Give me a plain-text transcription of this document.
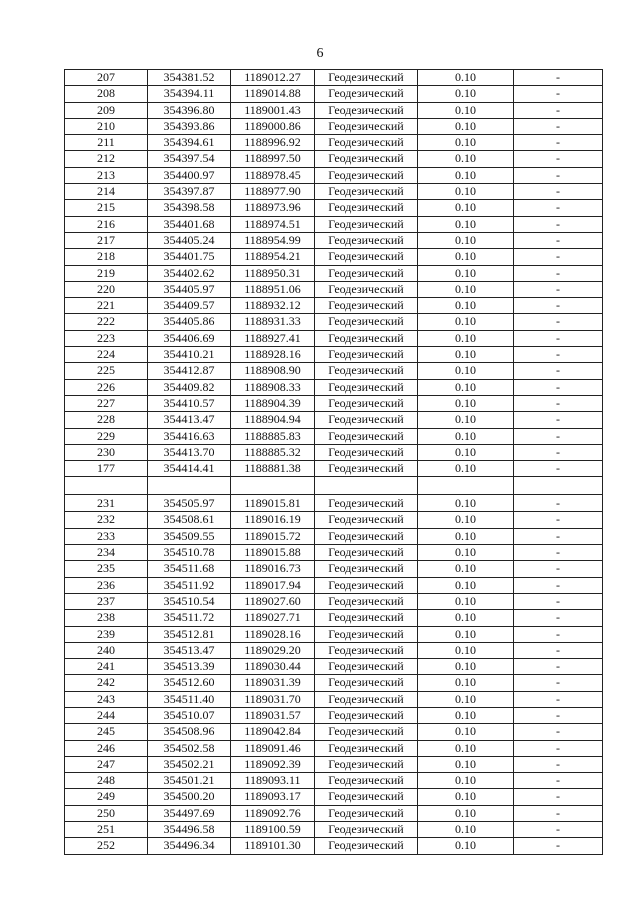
6
207	354381.52	1189012.27	Геодезический	0.10	-
208	354394.11	1189014.88	Геодезический	0.10	-
209	354396.80	1189001.43	Геодезический	0.10	-
210	354393.86	1189000.86	Геодезический	0.10	-
211	354394.61	1188996.92	Геодезический	0.10	-
212	354397.54	1188997.50	Геодезический	0.10	-
213	354400.97	1188978.45	Геодезический	0.10	-
214	354397.87	1188977.90	Геодезический	0.10	-
215	354398.58	1188973.96	Геодезический	0.10	-
216	354401.68	1188974.51	Геодезический	0.10	-
217	354405.24	1188954.99	Геодезический	0.10	-
218	354401.75	1188954.21	Геодезический	0.10	-
219	354402.62	1188950.31	Геодезический	0.10	-
220	354405.97	1188951.06	Геодезический	0.10	-
221	354409.57	1188932.12	Геодезический	0.10	-
222	354405.86	1188931.33	Геодезический	0.10	-
223	354406.69	1188927.41	Геодезический	0.10	-
224	354410.21	1188928.16	Геодезический	0.10	-
225	354412.87	1188908.90	Геодезический	0.10	-
226	354409.82	1188908.33	Геодезический	0.10	-
227	354410.57	1188904.39	Геодезический	0.10	-
228	354413.47	1188904.94	Геодезический	0.10	-
229	354416.63	1188885.83	Геодезический	0.10	-
230	354413.70	1188885.32	Геодезический	0.10	-
177	354414.41	1188881.38	Геодезический	0.10	-

231	354505.97	1189015.81	Геодезический	0.10	-
232	354508.61	1189016.19	Геодезический	0.10	-
233	354509.55	1189015.72	Геодезический	0.10	-
234	354510.78	1189015.88	Геодезический	0.10	-
235	354511.68	1189016.73	Геодезический	0.10	-
236	354511.92	1189017.94	Геодезический	0.10	-
237	354510.54	1189027.60	Геодезический	0.10	-
238	354511.72	1189027.71	Геодезический	0.10	-
239	354512.81	1189028.16	Геодезический	0.10	-
240	354513.47	1189029.20	Геодезический	0.10	-
241	354513.39	1189030.44	Геодезический	0.10	-
242	354512.60	1189031.39	Геодезический	0.10	-
243	354511.40	1189031.70	Геодезический	0.10	-
244	354510.07	1189031.57	Геодезический	0.10	-
245	354508.96	1189042.84	Геодезический	0.10	-
246	354502.58	1189091.46	Геодезический	0.10	-
247	354502.21	1189092.39	Геодезический	0.10	-
248	354501.21	1189093.11	Геодезический	0.10	-
249	354500.20	1189093.17	Геодезический	0.10	-
250	354497.69	1189092.76	Геодезический	0.10	-
251	354496.58	1189100.59	Геодезический	0.10	-
252	354496.34	1189101.30	Геодезический	0.10	-
